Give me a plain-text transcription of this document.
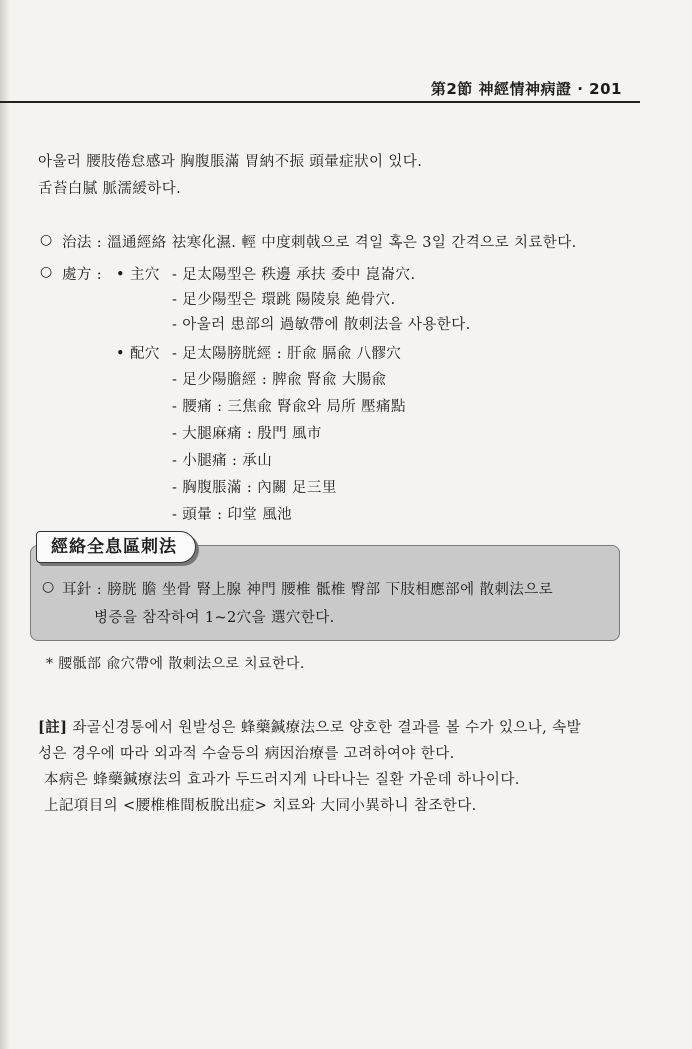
第2節 神經情神病證 · 201
아울러 腰肢倦怠感과 胸腹脹滿 胃納不振 頭暈症狀이 있다.
舌苔白膩 脈濡緩하다.
○ 治法 : 溫通經絡 祛寒化濕. 輕 中度刺戟으로 격일 혹은 3일 간격으로 치료한다.
○ 處方 : • 主穴 - 足太陽型은 秩邊 承扶 委中 崑崙穴.
- 足少陽型은 環跳 陽陵泉 絶骨穴.
- 아울러 患部의 過敏帶에 散刺法을 사용한다.
• 配穴 - 足太陽膀胱經 : 肝兪 膈兪 八髎穴
- 足少陽膽經 : 脾兪 腎兪 大腸兪
- 腰痛 : 三焦兪 腎兪와 局所 壓痛點
- 大腿麻痛 : 殷門 風市
- 小腿痛 : 承山
- 胸腹脹滿 : 內關 足三里
- 頭暈 : 印堂 風池
經絡全息區刺法
○ 耳針 : 膀胱 膽 坐骨 腎上腺 神門 腰椎 骶椎 臀部 下肢相應部에 散刺法으로
병증을 참작하여 1~2穴을 選穴한다.
* 腰骶部 兪穴帶에 散刺法으로 치료한다.
[註] 좌골신경통에서 원발성은 蜂藥鍼療法으로 양호한 결과를 볼 수가 있으나, 속발
성은 경우에 따라 외과적 수술등의 病因治療를 고려하여야 한다.
本病은 蜂藥鍼療法의 효과가 두드러지게 나타나는 질환 가운데 하나이다.
上記項目의 <腰椎椎間板脫出症> 치료와 大同小異하니 참조한다.
